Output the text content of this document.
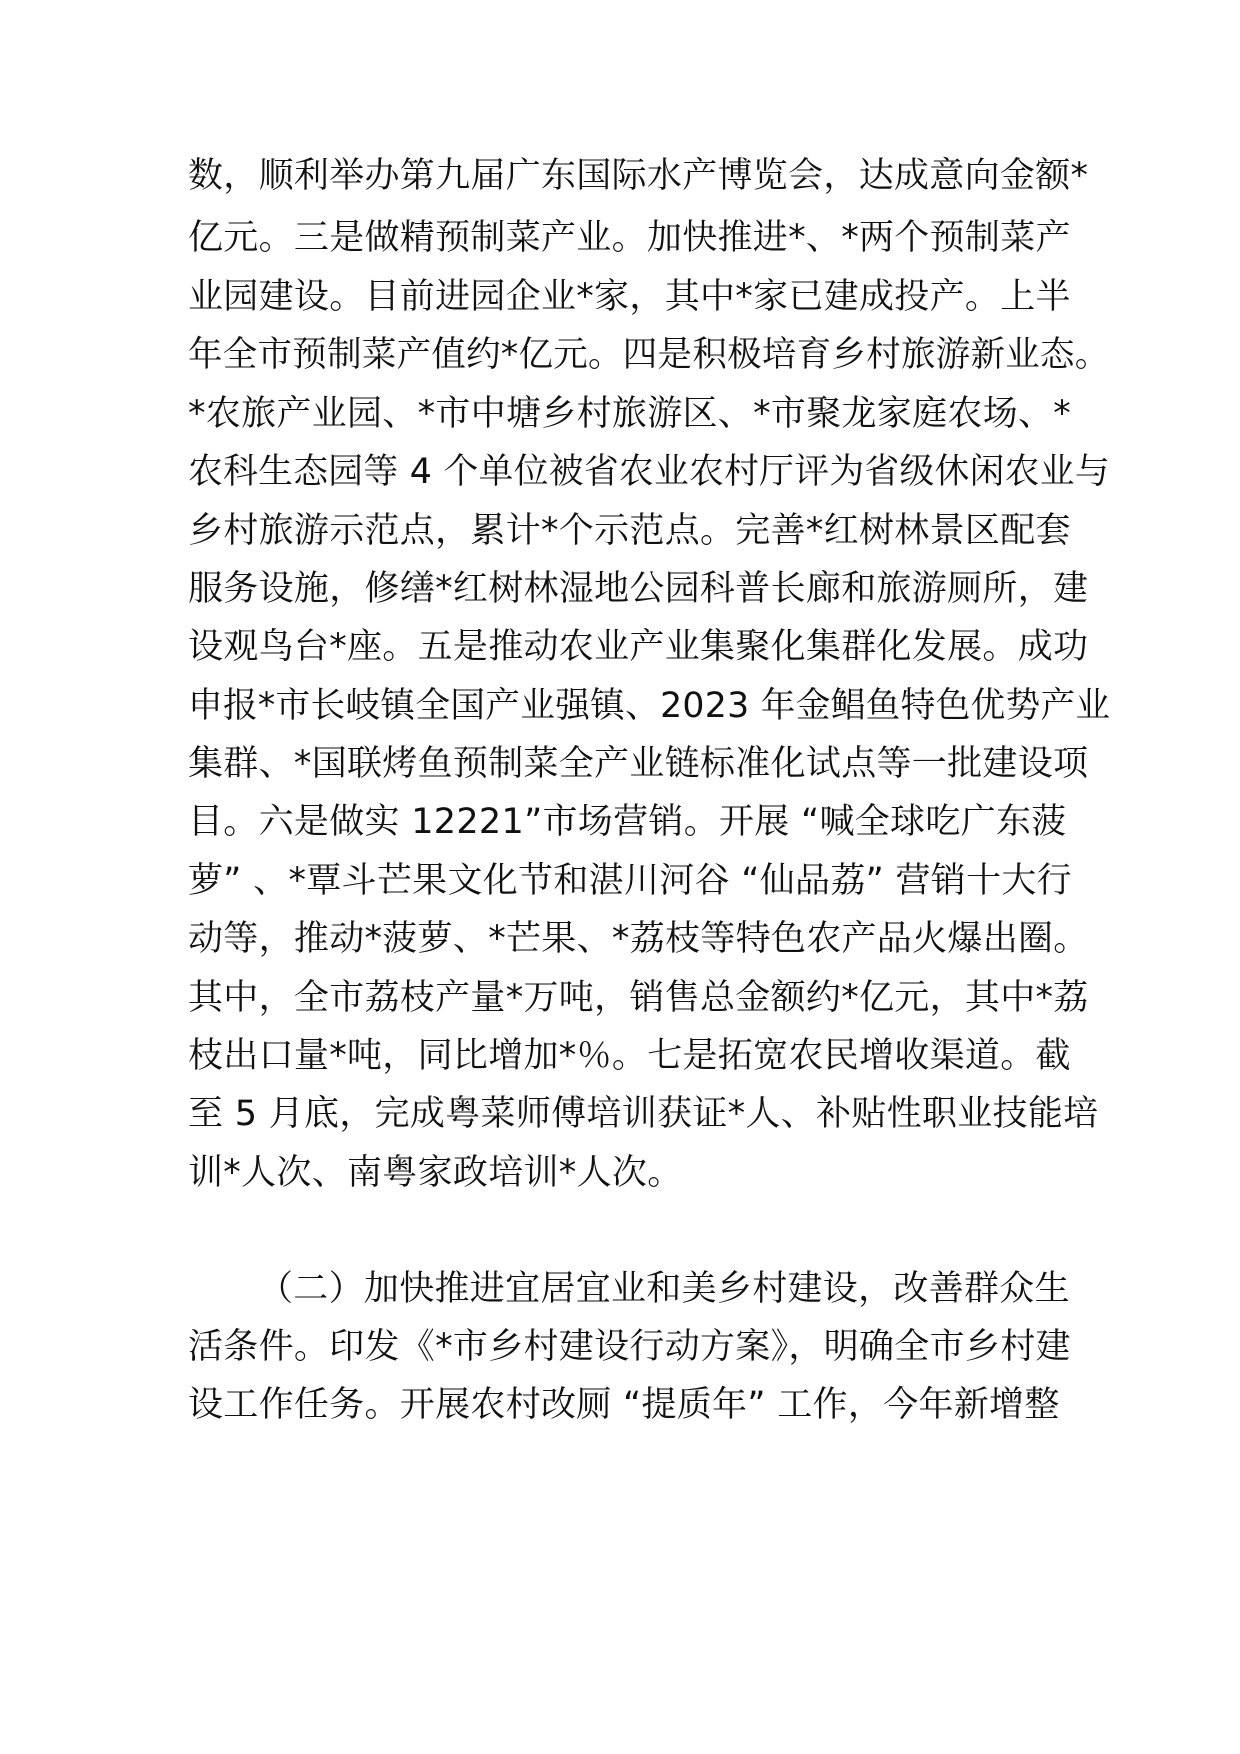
数，顺利举办第九届广东国际水产博览会，达成意向金额*
亿元。三是做精预制菜产业。加快推进*、*两个预制菜产
业园建设。目前进园企业*家，其中*家已建成投产。上半
年全市预制菜产值约*亿元。四是积极培育乡村旅游新业态。
*农旅产业园、*市中塘乡村旅游区、*市聚龙家庭农场、*
农科生态园等 4 个单位被省农业农村厅评为省级休闲农业与
乡村旅游示范点，累计*个示范点。完善*红树林景区配套
服务设施，修缮*红树林湿地公园科普长廊和旅游厕所，建
设观鸟台*座。五是推动农业产业集聚化集群化发展。成功
申报*市长岐镇全国产业强镇、2023 年金鲳鱼特色优势产业
集群、*国联烤鱼预制菜全产业链标准化试点等一批建设项
目。六是做实 12221”市场营销。开展 “喊全球吃广东菠
萝” 、*覃斗芒果文化节和湛川河谷 “仙品荔” 营销十大行
动等，推动*菠萝、*芒果、*荔枝等特色农产品火爆出圈。
其中，全市荔枝产量*万吨，销售总金额约*亿元，其中*荔
枝出口量*吨，同比增加*％。七是拓宽农民增收渠道。截
至 5 月底，完成粤菜师傅培训获证*人、补贴性职业技能培
训*人次、南粤家政培训*人次。
（二）加快推进宜居宜业和美乡村建设，改善群众生
活条件。印发《*市乡村建设行动方案》，明确全市乡村建
设工作任务。开展农村改厕 “提质年” 工作，今年新增整
